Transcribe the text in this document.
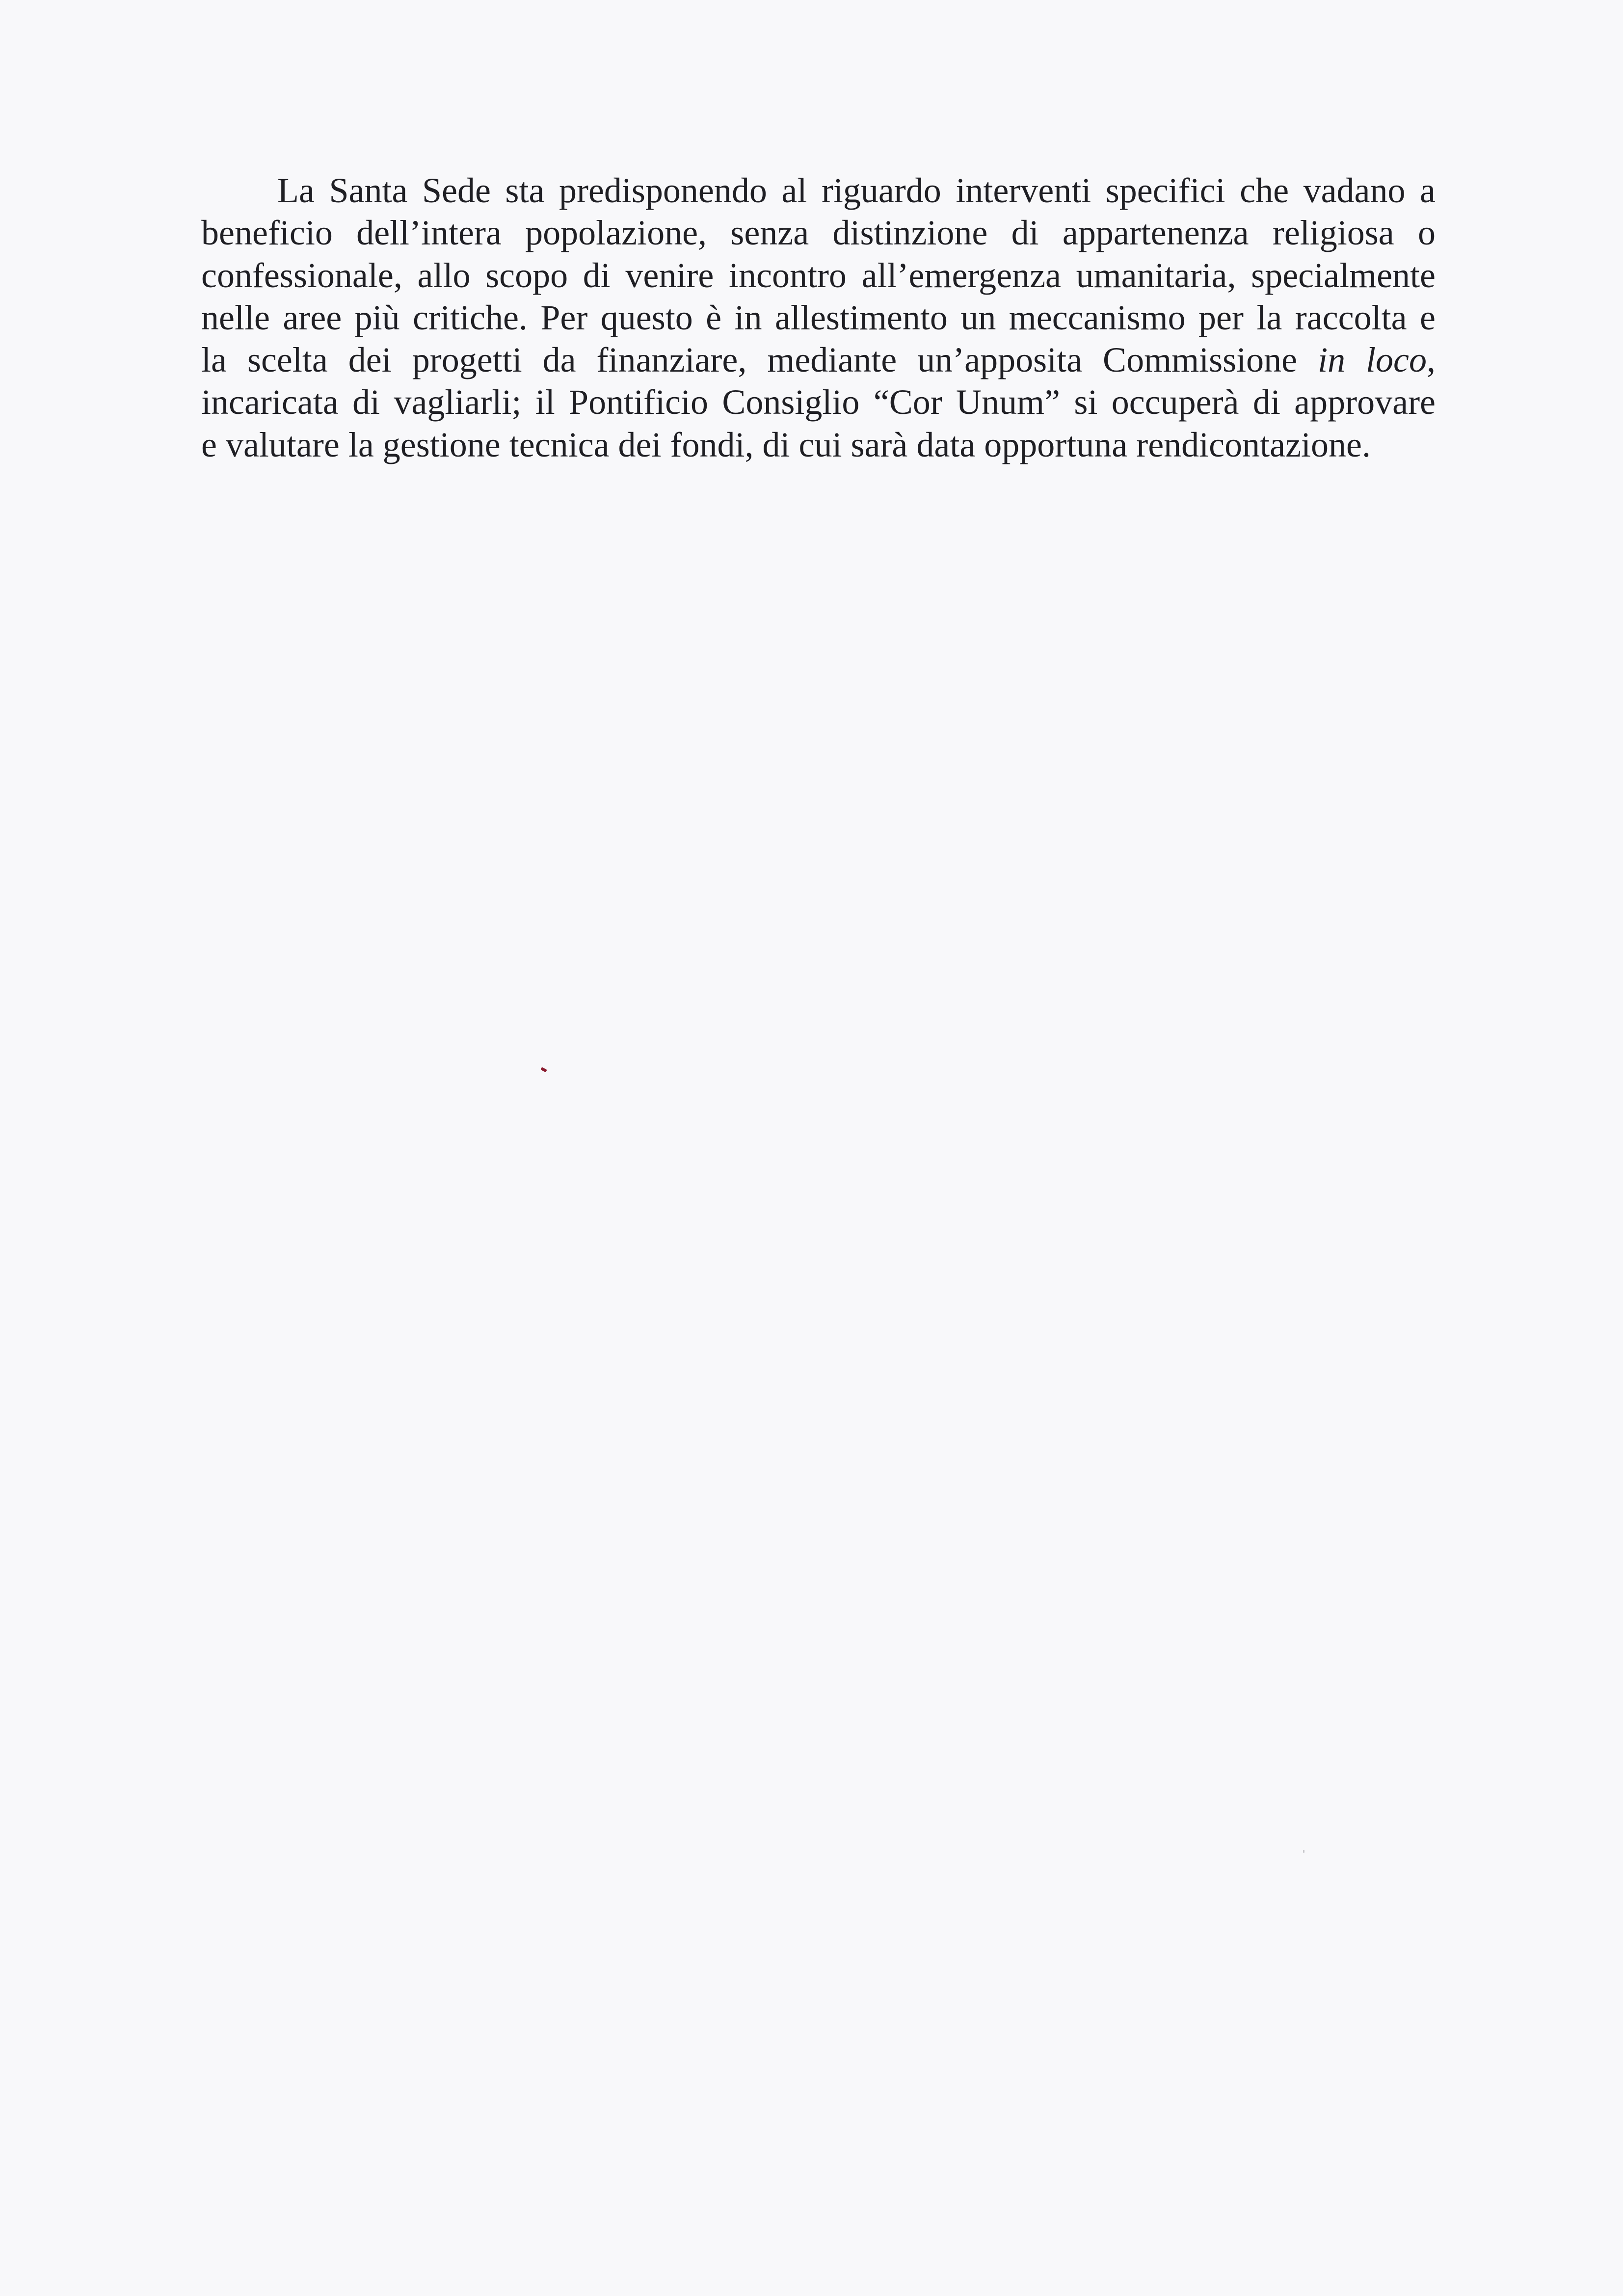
La Santa Sede sta predisponendo al riguardo interventi specifici che vadano a
beneficio dell’intera popolazione, senza distinzione di appartenenza religiosa o
confessionale, allo scopo di venire incontro all’emergenza umanitaria, specialmente
nelle aree più critiche. Per questo è in allestimento un meccanismo per la raccolta e
la scelta dei progetti da finanziare, mediante un’apposita Commissione in loco,
incaricata di vagliarli; il Pontificio Consiglio “Cor Unum” si occuperà di approvare
e valutare la gestione tecnica dei fondi, di cui sarà data opportuna rendicontazione.
